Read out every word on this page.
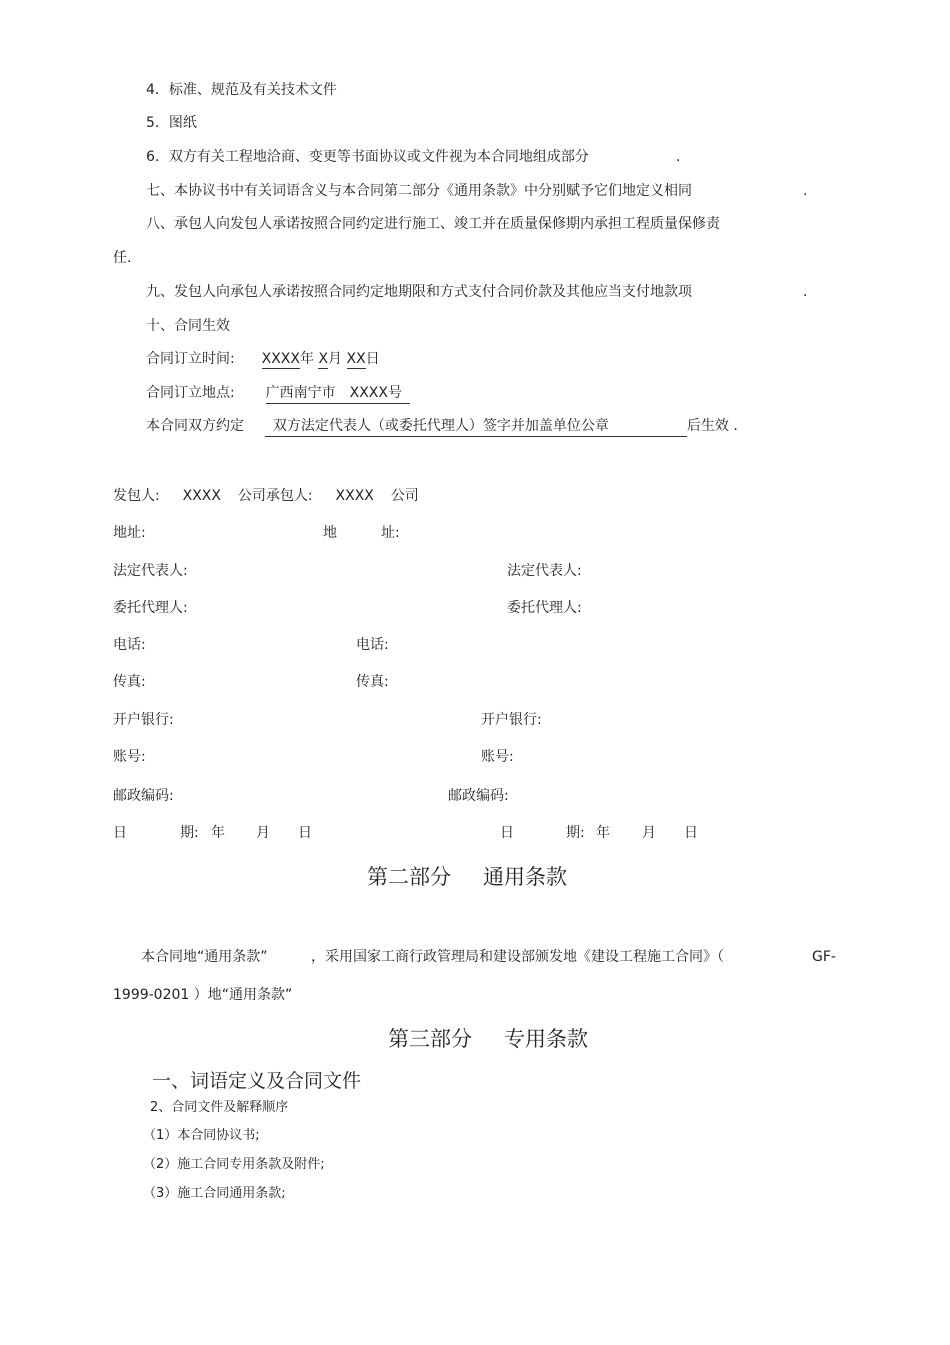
4．标准、规范及有关技术文件
5．图纸
6．双方有关工程地洽商、变更等书面协议或文件视为本合同地组成部分	.
七、本协议书中有关词语含义与本合同第二部分《通用条款》中分别赋予它们地定义相同	.
八、承包人向发包人承诺按照合同约定进行施工、竣工并在质量保修期内承担工程质量保修责
任.
九、发包人向承包人承诺按照合同约定地期限和方式支付合同价款及其他应当支付地款项	.
十、合同生效
合同订立时间: XXXX年 X月 XX日
合同订立地点: 广西南宁市　XXXX号
本合同双方约定 双方法定代表人（或委托代理人）签字并加盖单位公章	后生效 .
发包人: XXXX 公司承包人: XXXX 公司
地址:	地	址:
法定代表人:	法定代表人:
委托代理人:	委托代理人:
电话:	电话:
传真:	传真:
开户银行:	开户银行:
账号:	账号:
邮政编码:	邮政编码:
日	期: 年 月 日	日	期: 年 月 日
第二部分 通用条款
本合同地“通用条款”	，采用国家工商行政管理局和建设部颁发地《建设工程施工合同》（	GF-
1999-0201 ）地“通用条款”
第三部分 专用条款
一、词语定义及合同文件
2、合同文件及解释顺序
（1）本合同协议书;
（2）施工合同专用条款及附件;
（3）施工合同通用条款;
